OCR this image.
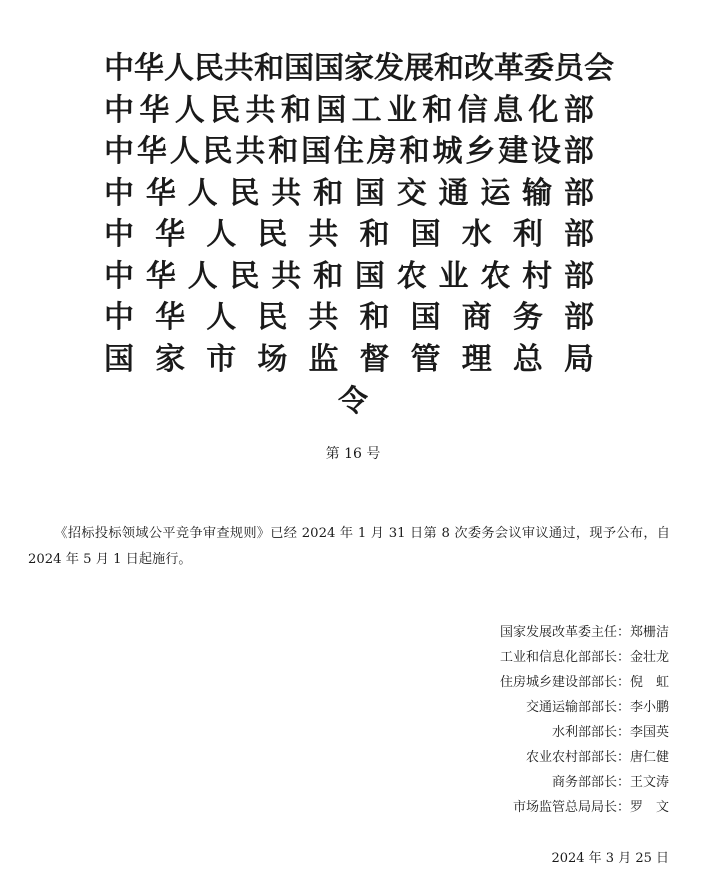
中 华 人 民 共 和 国 国 家 发 展 和 改 革 委 员 会
中 华 人 民 共 和 国 工 业 和 信 息 化 部
中 华 人 民 共 和 国 住 房 和 城 乡 建 设 部
中 华 人 民 共 和 国 交 通 运 输 部
中 华 人 民 共 和 国 水 利 部
中 华 人 民 共 和 国 农 业 农 村 部
中 华 人 民 共 和 国 商 务 部
国 家 市 场 监 督 管 理 总 局
令
第 16 号
《招标投标领域公平竞争审查规则》已经 2024 年 1 月 31 日第 8 次委务会议审议通过，现予公布，自 2024 年 5 月 1 日起施行。
国家发展改革委主任：郑栅洁
工业和信息化部部长：金壮龙
住房城乡建设部部长：倪　虹
交通运输部部长：李小鹏
水利部部长：李国英
农业农村部部长：唐仁健
商务部部长：王文涛
市场监管总局局长：罗　文
2024 年 3 月 25 日
